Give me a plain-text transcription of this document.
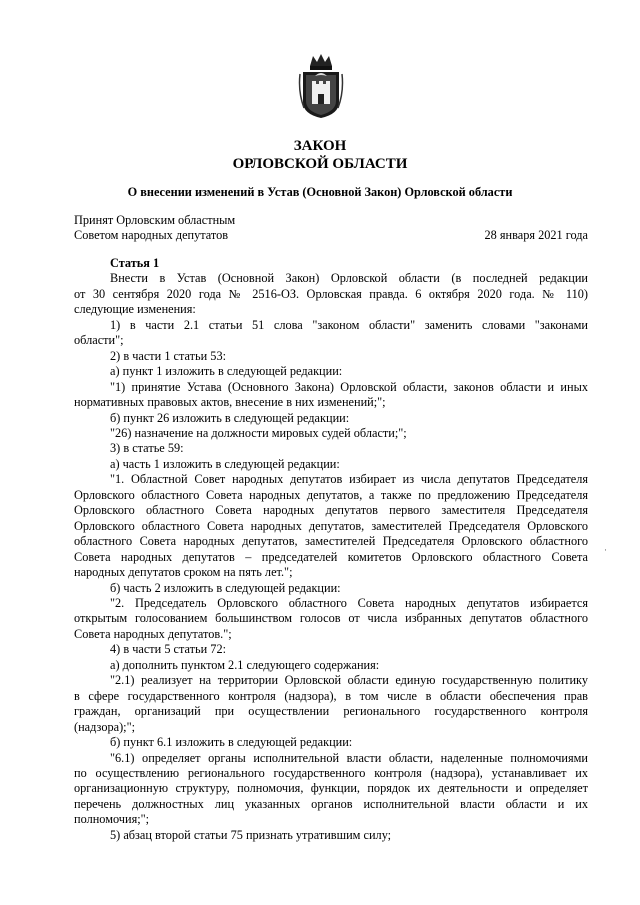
ЗАКОН
ОРЛОВСКОЙ ОБЛАСТИ
О внесении изменений в Устав (Основной Закон) Орловской области
Принят Орловским областным
Советом народных депутатов	28 января 2021 года

Статья 1

Внести в Устав (Основной Закон) Орловской области (в последней редакции

от 30 сентября 2020 года № 2516-ОЗ. Орловская правда. 6 октября 2020 года. № 110)

следующие изменения:

1) в части 2.1 статьи 51 слова "законом области" заменить словами "законами

области";

2) в части 1 статьи 53:

а) пункт 1 изложить в следующей редакции:

"1) принятие Устава (Основного Закона) Орловской области, законов области и иных

нормативных правовых актов, внесение в них изменений;";

б) пункт 26 изложить в следующей редакции:

"26) назначение на должности мировых судей области;";

3) в статье 59:

а) часть 1 изложить в следующей редакции:

"1. Областной Совет народных депутатов избирает из числа депутатов Председателя

Орловского областного Совета народных депутатов, а также по предложению Председателя

Орловского областного Совета народных депутатов первого заместителя Председателя

Орловского областного Совета народных депутатов, заместителей Председателя Орловского

областного Совета народных депутатов, заместителей Председателя Орловского областного

Совета народных депутатов – председателей комитетов Орловского областного Совета

народных депутатов сроком на пять лет.";

б) часть 2 изложить в следующей редакции:

"2. Председатель Орловского областного Совета народных депутатов избирается

открытым голосованием большинством голосов от числа избранных депутатов областного

Совета народных депутатов.";

4) в части 5 статьи 72:

а) дополнить пунктом 2.1 следующего содержания:

"2.1) реализует на территории Орловской области единую государственную политику

в сфере государственного контроля (надзора), в том числе в области обеспечения прав

граждан, организаций при осуществлении регионального государственного контроля

(надзора);";

б) пункт 6.1 изложить в следующей редакции:

"6.1) определяет органы исполнительной власти области, наделенные полномочиями

по осуществлению регионального государственного контроля (надзора), устанавливает их

организационную структуру, полномочия, функции, порядок их деятельности и определяет

перечень должностных лиц указанных органов исполнительной власти области и их

полномочия;";

5) абзац второй статьи 75 признать утратившим силу;

·
